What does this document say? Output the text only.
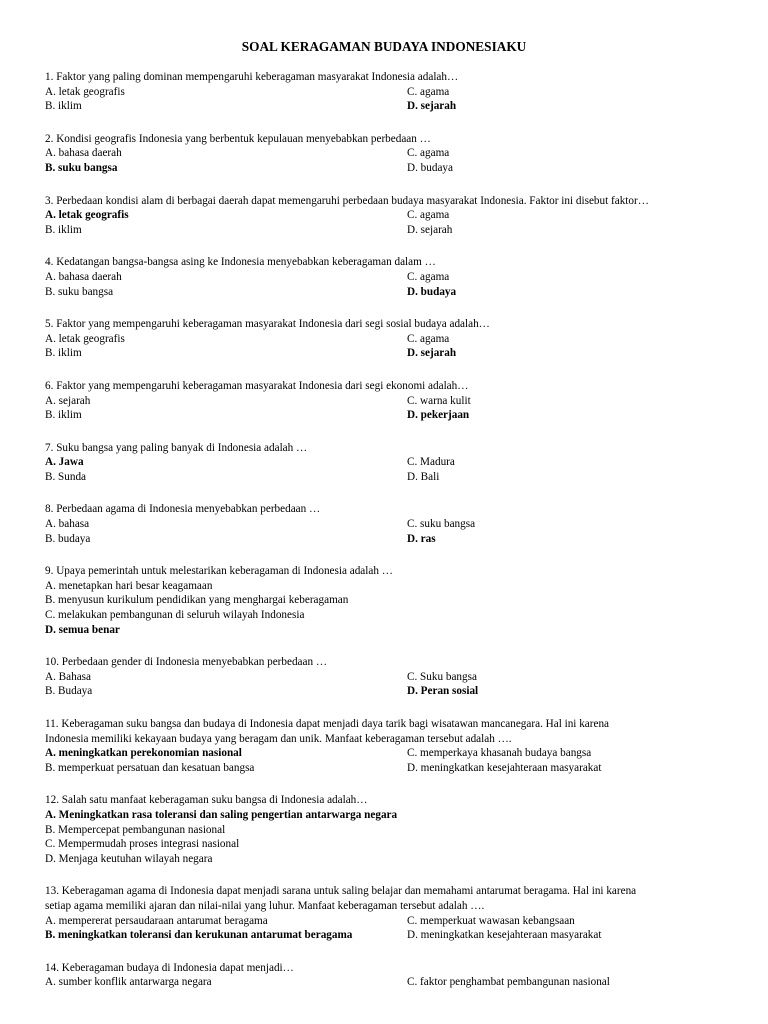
SOAL KERAGAMAN BUDAYA INDONESIAKU
1. Faktor yang paling dominan mempengaruhi keberagaman masyarakat Indonesia adalah…
A. letak geografis	C. agama
B. iklim	D. sejarah
2. Kondisi geografis Indonesia yang berbentuk kepulauan menyebabkan perbedaan …
A. bahasa daerah	C. agama
B. suku bangsa	D. budaya
3. Perbedaan kondisi alam di berbagai daerah dapat memengaruhi perbedaan budaya masyarakat Indonesia. Faktor ini disebut faktor…
A. letak geografis	C. agama
B. iklim	D. sejarah
4. Kedatangan bangsa-bangsa asing ke Indonesia menyebabkan keberagaman dalam …
A. bahasa daerah	C. agama
B. suku bangsa	D. budaya
5. Faktor yang mempengaruhi keberagaman masyarakat Indonesia dari segi sosial budaya adalah…
A. letak geografis	C. agama
B. iklim	D. sejarah
6. Faktor yang mempengaruhi keberagaman masyarakat Indonesia dari segi ekonomi adalah…
A. sejarah	C. warna kulit
B. iklim	D. pekerjaan
7. Suku bangsa yang paling banyak di Indonesia adalah …
A. Jawa	C. Madura
B. Sunda	D. Bali
8. Perbedaan agama di Indonesia menyebabkan perbedaan …
A. bahasa	C. suku bangsa
B. budaya	D. ras
9. Upaya pemerintah untuk melestarikan keberagaman di Indonesia adalah …
A. menetapkan hari besar keagamaan
B. menyusun kurikulum pendidikan yang menghargai keberagaman
C. melakukan pembangunan di seluruh wilayah Indonesia
D. semua benar
10. Perbedaan gender di Indonesia menyebabkan perbedaan …
A. Bahasa	C. Suku bangsa
B. Budaya	D. Peran sosial
11. Keberagaman suku bangsa dan budaya di Indonesia dapat menjadi daya tarik bagi wisatawan mancanegara. Hal ini karena
Indonesia memiliki kekayaan budaya yang beragam dan unik. Manfaat keberagaman tersebut adalah ….
A. meningkatkan perekonomian nasional	C. memperkaya khasanah budaya bangsa
B. memperkuat persatuan dan kesatuan bangsa	D. meningkatkan kesejahteraan masyarakat
12. Salah satu manfaat keberagaman suku bangsa di Indonesia adalah…
A. Meningkatkan rasa toleransi dan saling pengertian antarwarga negara
B. Mempercepat pembangunan nasional
C. Mempermudah proses integrasi nasional
D. Menjaga keutuhan wilayah negara
13. Keberagaman agama di Indonesia dapat menjadi sarana untuk saling belajar dan memahami antarumat beragama. Hal ini karena
setiap agama memiliki ajaran dan nilai-nilai yang luhur. Manfaat keberagaman tersebut adalah ….
A. mempererat persaudaraan antarumat beragama	C. memperkuat wawasan kebangsaan
B. meningkatkan toleransi dan kerukunan antarumat beragama	D. meningkatkan kesejahteraan masyarakat
14. Keberagaman budaya di Indonesia dapat menjadi…
A. sumber konflik antarwarga negara	C. faktor penghambat pembangunan nasional
